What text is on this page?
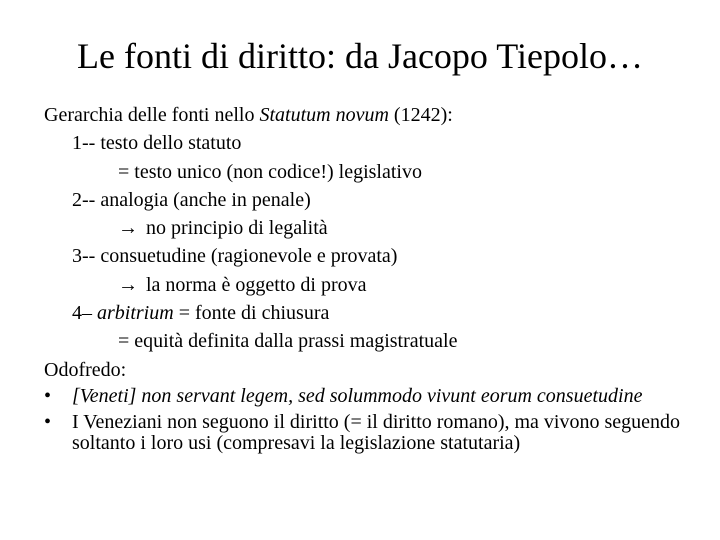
Le fonti di diritto: da Jacopo Tiepolo…
Gerarchia delle fonti nello Statutum novum (1242):
1-- testo dello statuto
= testo unico (non codice!) legislativo
2-- analogia (anche in penale)
→ no principio di legalità
3-- consuetudine (ragionevole e provata)
→ la norma è oggetto di prova
4– arbitrium = fonte di chiusura
= equità definita dalla prassi magistratuale
Odofredo:
• [Veneti] non servant legem, sed solummodo vivunt eorum consuetudine
• I Veneziani non seguono il diritto (= il diritto romano), ma vivono seguendo soltanto i loro usi (compresavi la legislazione statutaria)
